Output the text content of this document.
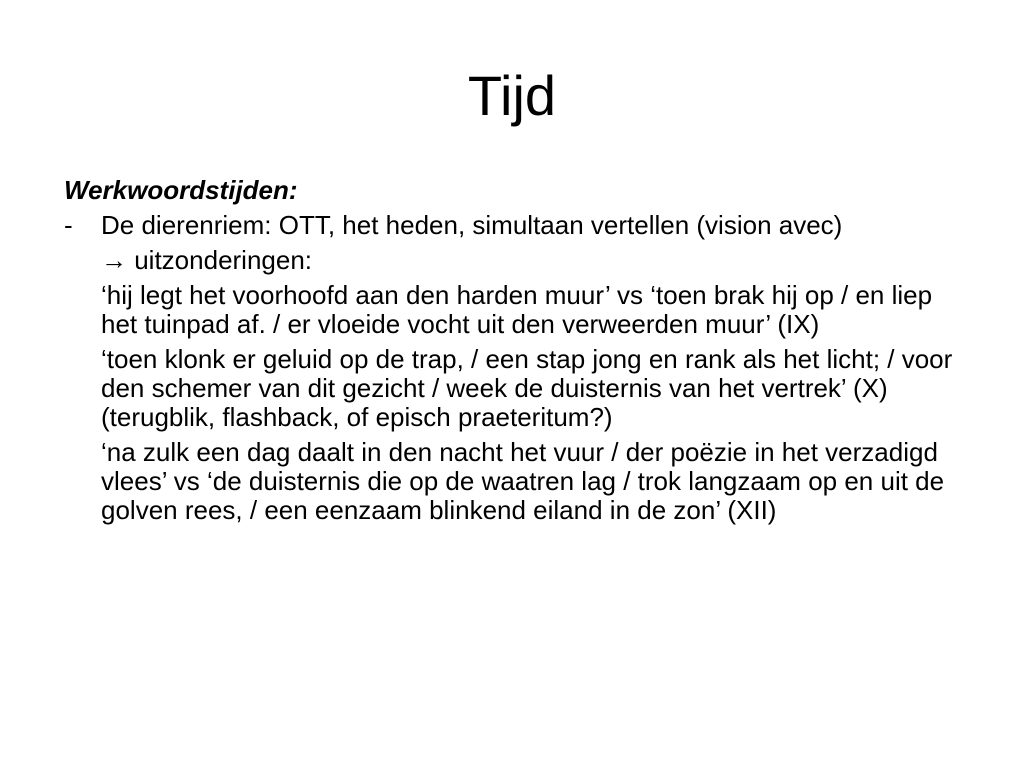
Tijd

Werkwoordstijden:

- De dierenriem: OTT, het heden, simultaan vertellen (vision avec)

→ uitzonderingen:

‘hij legt het voorhoofd aan den harden muur’ vs ‘toen brak hij op / en liep het tuinpad af. / er vloeide vocht uit den verweerden muur’ (IX)

‘toen klonk er geluid op de trap, / een stap jong en rank als het licht; / voor den schemer van dit gezicht / week de duisternis van het vertrek’ (X) (terugblik, flashback, of episch praeteritum?)

‘na zulk een dag daalt in den nacht het vuur / der poëzie in het verzadigd vlees’ vs ‘de duisternis die op de waatren lag / trok langzaam op en uit de golven rees, / een eenzaam blinkend eiland in de zon’ (XII)
